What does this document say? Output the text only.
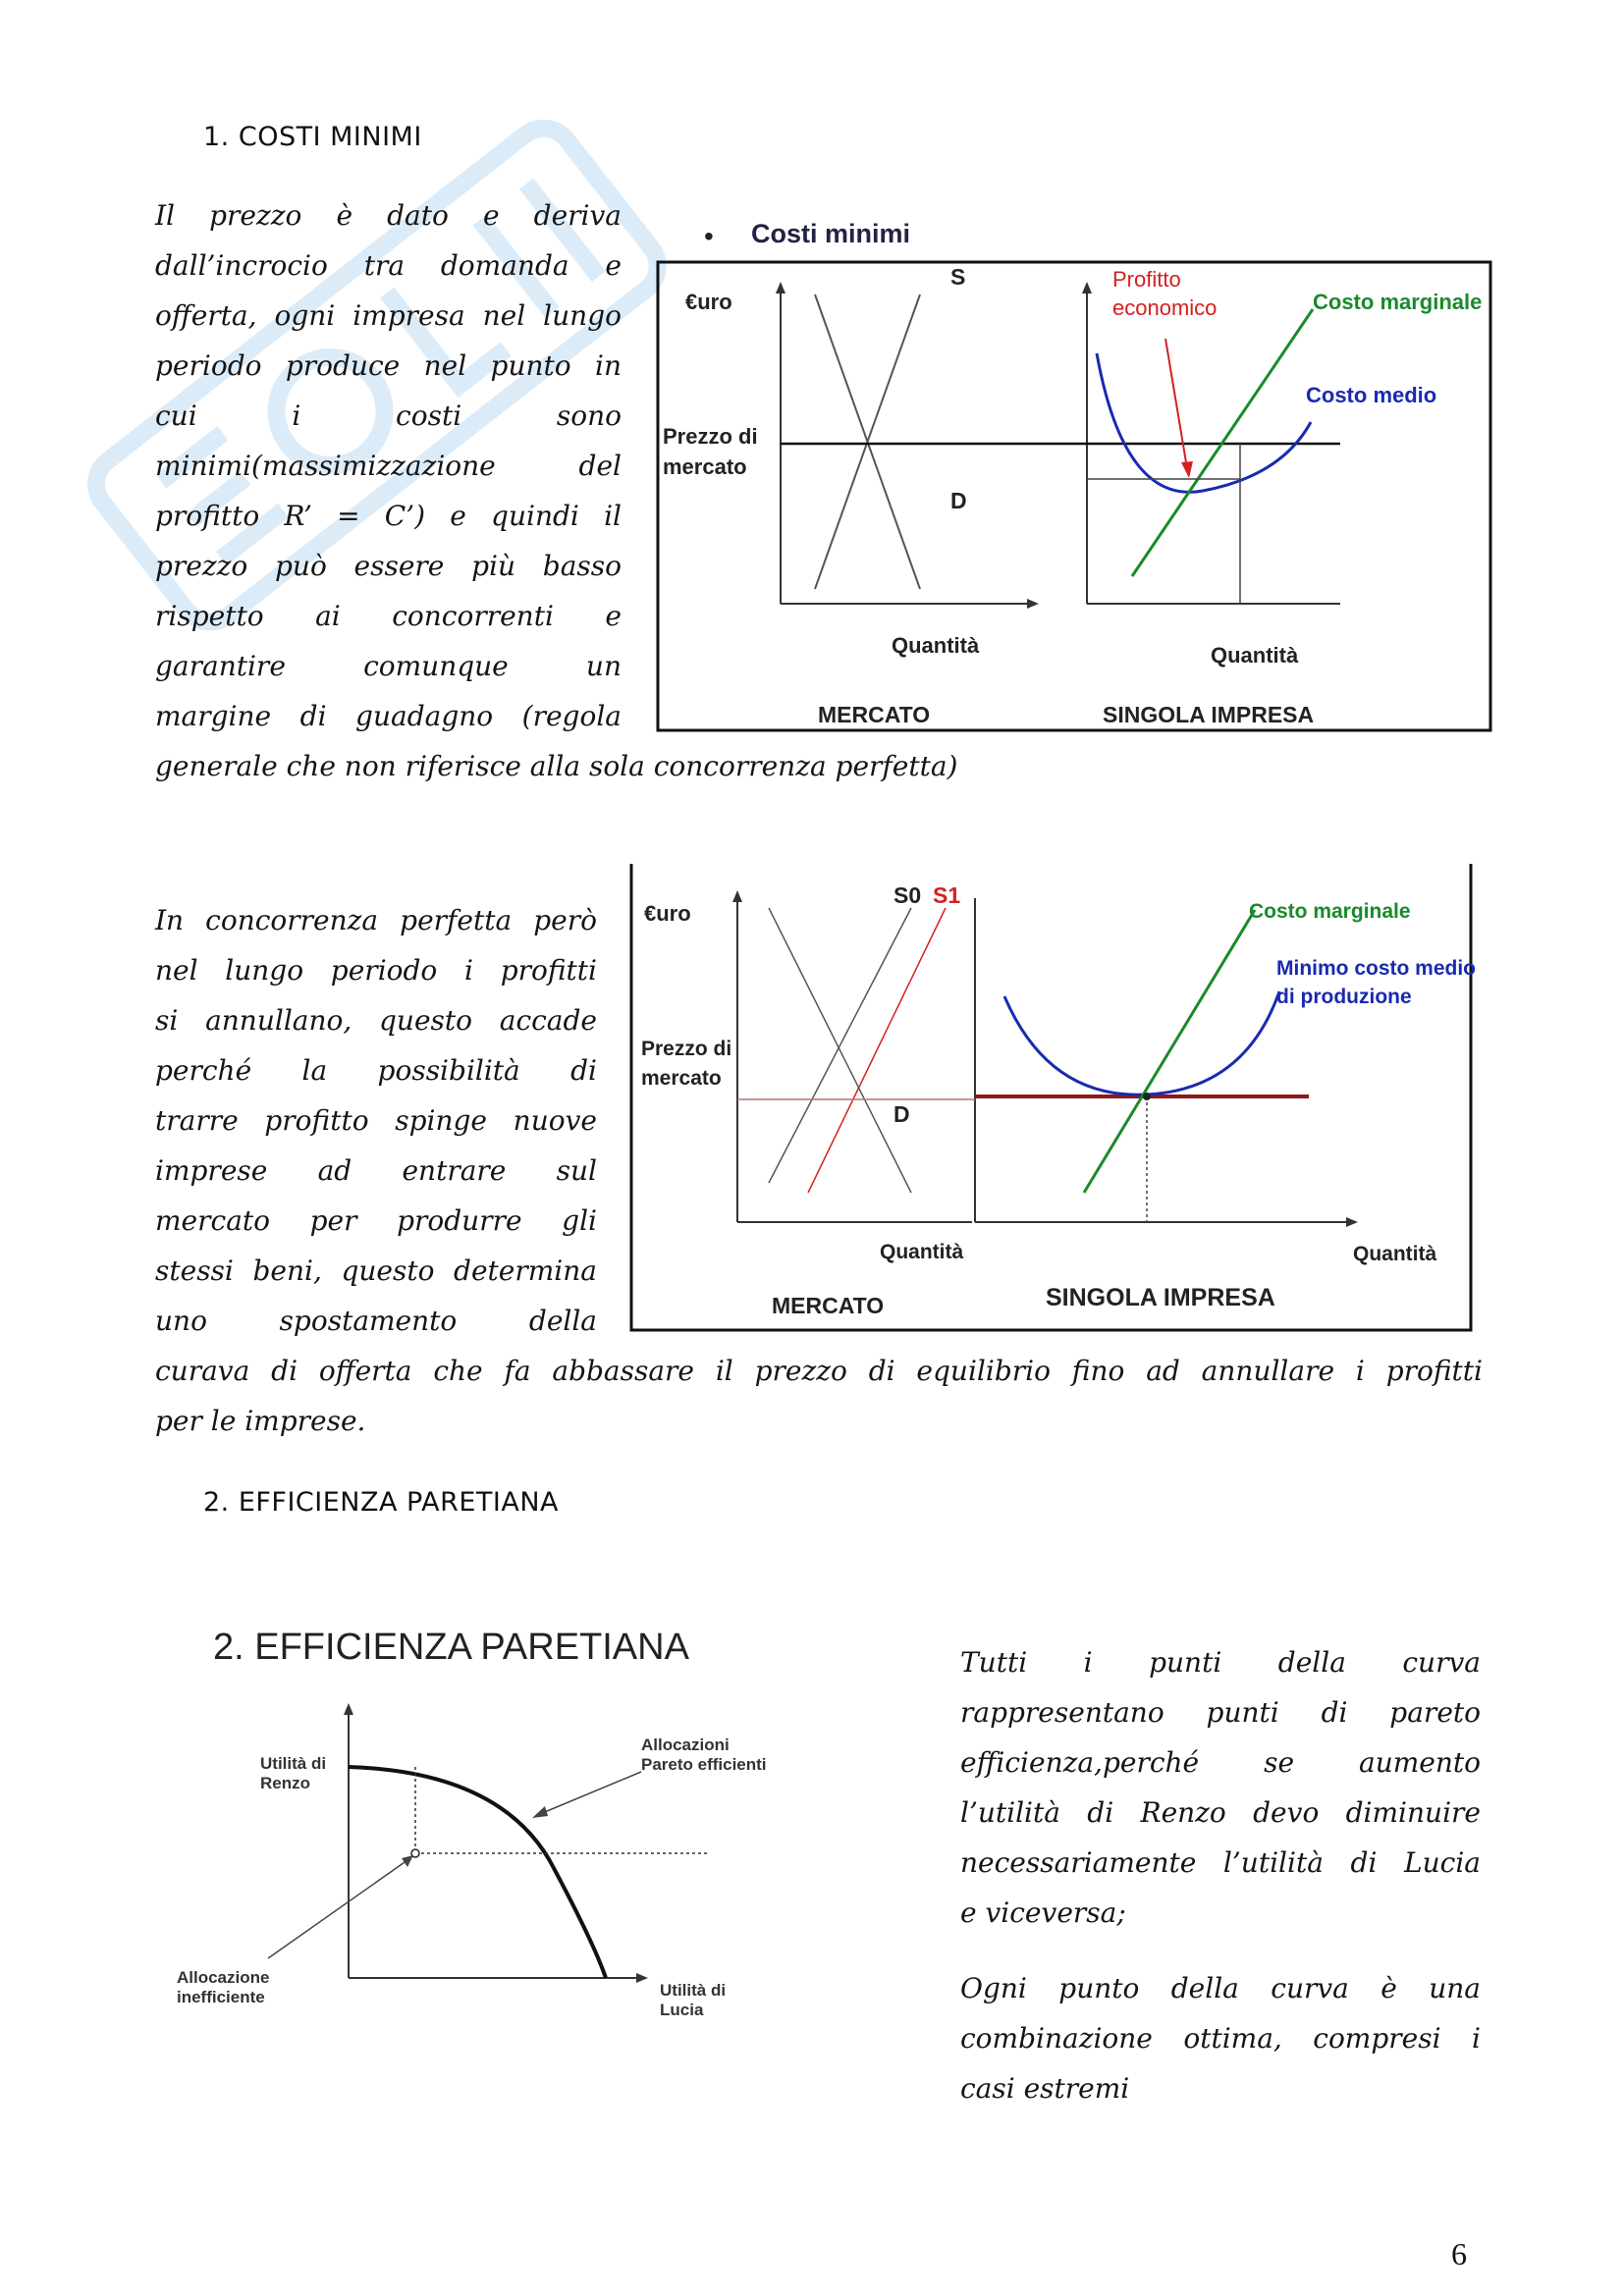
1. COSTI MINIMI
Il prezzo è dato e deriva
dall’incrocio tra domanda e
offerta, ogni impresa nel lungo
periodo produce nel punto in
cui i costi sono
minimi(massimizzazione del
profitto R’ = C’) e quindi il
prezzo può essere più basso
rispetto ai concorrenti e
garantire comunque un
margine di guadagno (regola
generale che non riferisce alla sola concorrenza perfetta)
• Costi minimi
€uro
Prezzo di
mercato
S
D
Profitto
economico	Costo marginale
Costo medio
Quantità	Quantità
MERCATO	SINGOLA IMPRESA
In concorrenza perfetta però
nel lungo periodo i profitti
si annullano, questo accade
perché la possibilità di
trarre profitto spinge nuove
imprese ad entrare sul
mercato per produrre gli
stessi beni, questo determina
uno spostamento della
curava di offerta che fa abbassare il prezzo di equilibrio fino ad annullare i profitti
per le imprese.
€uro
Prezzo di
mercato
S0 S1
D
Costo marginale
Minimo costo medio
di produzione
Quantità	Quantità
MERCATO	SINGOLA IMPRESA
2. EFFICIENZA PARETIANA
2. EFFICIENZA PARETIANA
Utilità di
Renzo
Allocazioni
Pareto efficienti
Allocazione
inefficiente	Utilità di
Lucia
Tutti i punti della curva
rappresentano punti di pareto
efficienza,perché se aumento
l’utilità di Renzo devo diminuire
necessariamente l’utilità di Lucia
e viceversa;
Ogni punto della curva è una
combinazione ottima, compresi i
casi estremi
6
